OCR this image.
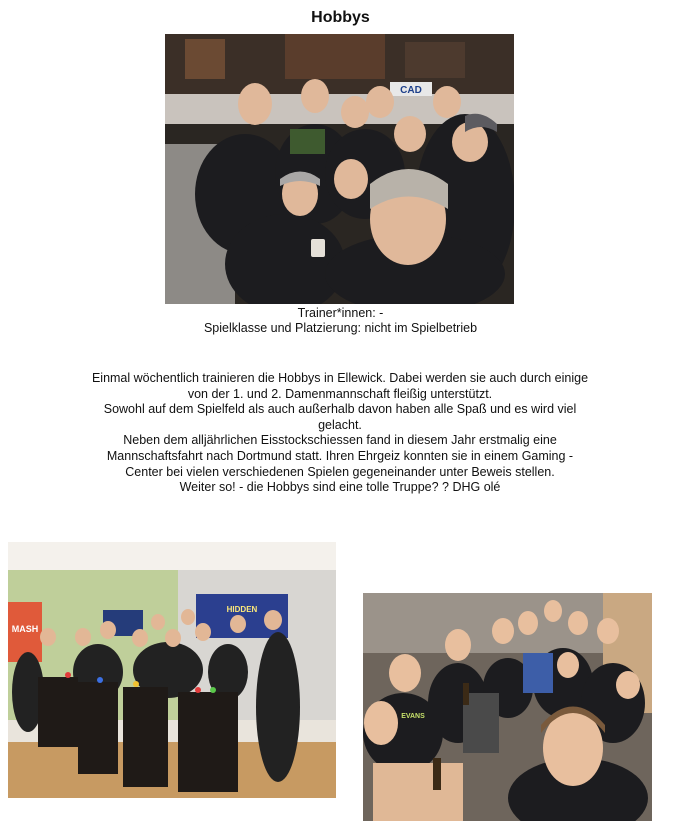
Hobbys
CAD
Trainer*innen: -
Spielklasse und Platzierung: nicht im Spielbetrieb
Einmal wöchentlich trainieren die Hobbys in Ellewick. Dabei werden sie auch durch einige
von der 1. und 2. Damenmannschaft fleißig unterstützt.
Sowohl auf dem Spielfeld als auch außerhalb davon haben alle Spaß und es wird viel
gelacht.
Neben dem alljährlichen Eisstockschiessen fand in diesem Jahr erstmalig eine
Mannschaftsfahrt nach Dortmund statt. Ihren Ehrgeiz konnten sie in einem Gaming -
Center bei vielen verschiedenen Spielen gegeneinander unter Beweis stellen.
Weiter so! - die Hobbys sind eine tolle Truppe? ? DHG olé
MASH
HIDDEN
EVANS
